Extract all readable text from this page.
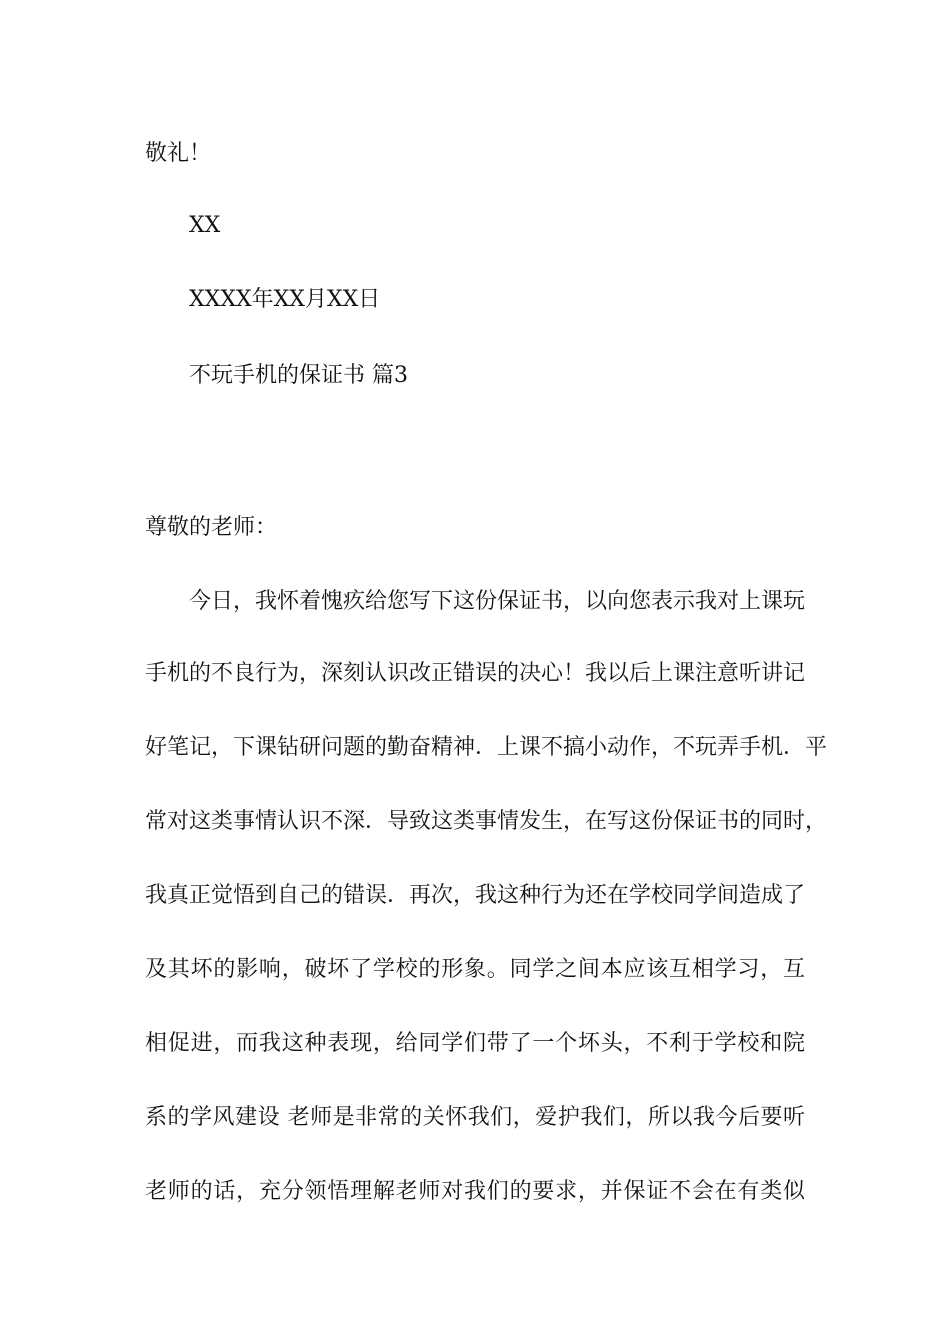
敬礼！

XX

XXXX年XX月XX日

不玩手机的保证书 篇3

尊敬的老师：

今日，我怀着愧疚给您写下这份保证书，以向您表示我对上课玩

手机的不良行为，深刻认识改正错误的决心！我以后上课注意听讲记

好笔记，下课钻研问题的勤奋精神．上课不搞小动作，不玩弄手机．平

常对这类事情认识不深．导致这类事情发生，在写这份保证书的同时，

我真正觉悟到自己的错误．再次，我这种行为还在学校同学间造成了

及其坏的影响，破坏了学校的形象。同学之间本应该互相学习，互

相促进，而我这种表现，给同学们带了一个坏头，不利于学校和院

系的学风建设 老师是非常的关怀我们，爱护我们，所以我今后要听

老师的话，充分领悟理解老师对我们的要求，并保证不会在有类似
